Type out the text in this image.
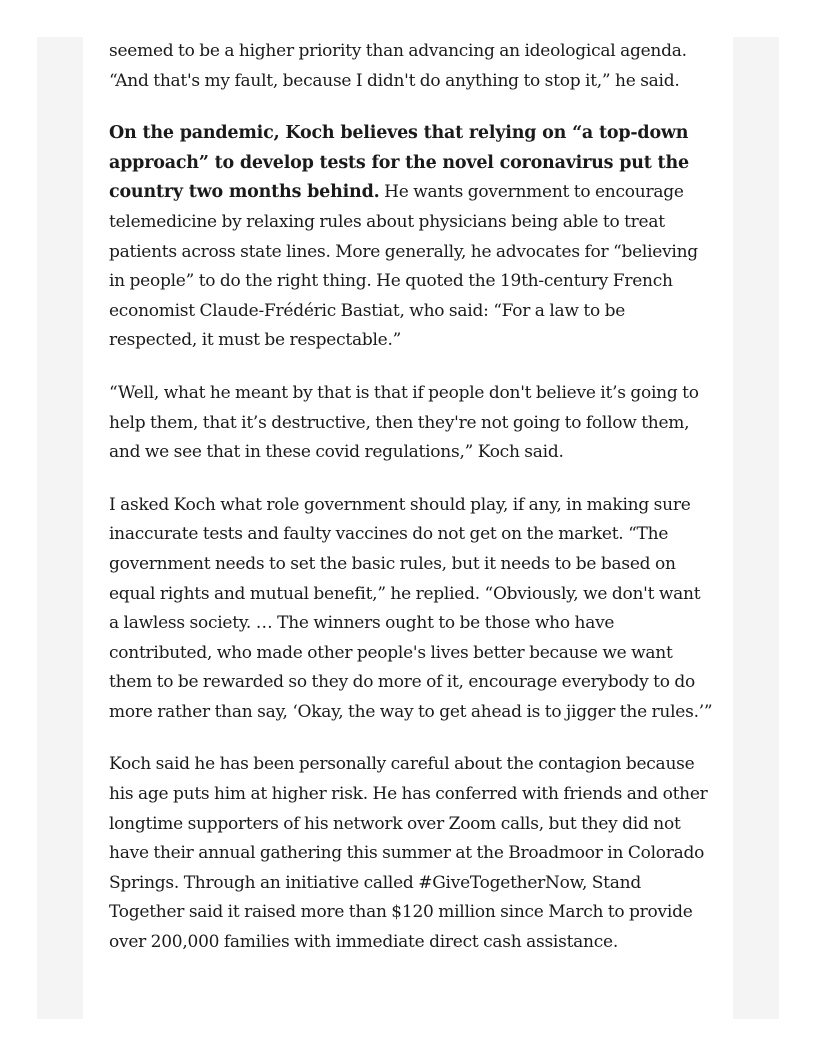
seemed to be a higher priority than advancing an ideological agenda. “And that's my fault, because I didn't do anything to stop it,” he said.

On the pandemic, Koch believes that relying on “a top-down approach” to develop tests for the novel coronavirus put the country two months behind. He wants government to encourage telemedicine by relaxing rules about physicians being able to treat patients across state lines. More generally, he advocates for “believing in people” to do the right thing. He quoted the 19th-century French economist Claude-Frédéric Bastiat, who said: “For a law to be respected, it must be respectable.”

“Well, what he meant by that is that if people don't believe it’s going to help them, that it’s destructive, then they're not going to follow them, and we see that in these covid regulations,” Koch said.

I asked Koch what role government should play, if any, in making sure inaccurate tests and faulty vaccines do not get on the market. “The government needs to set the basic rules, but it needs to be based on equal rights and mutual benefit,” he replied. “Obviously, we don't want a lawless society. … The winners ought to be those who have contributed, who made other people's lives better because we want them to be rewarded so they do more of it, encourage everybody to do more rather than say, ‘Okay, the way to get ahead is to jigger the rules.’”

Koch said he has been personally careful about the contagion because his age puts him at higher risk. He has conferred with friends and other longtime supporters of his network over Zoom calls, but they did not have their annual gathering this summer at the Broadmoor in Colorado Springs. Through an initiative called #GiveTogetherNow, Stand Together said it raised more than $120 million since March to provide over 200,000 families with immediate direct cash assistance.
